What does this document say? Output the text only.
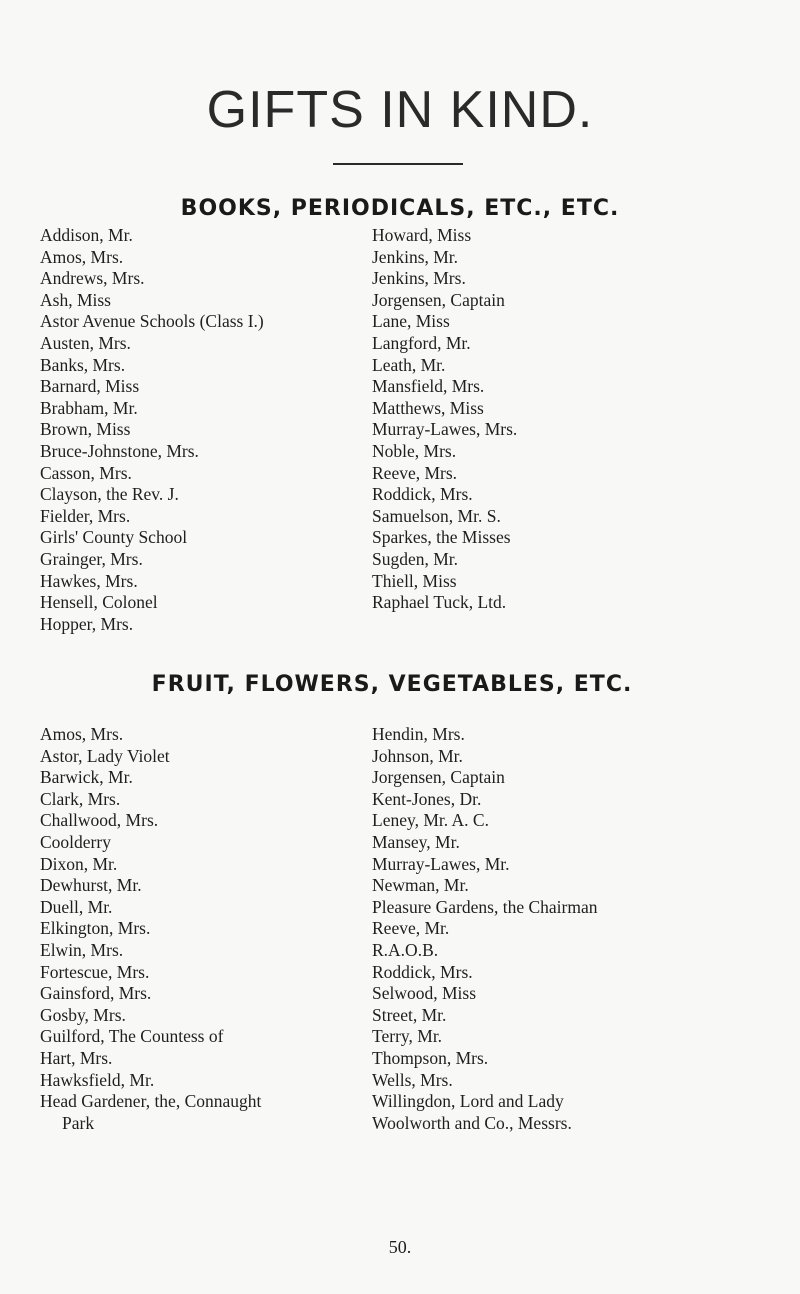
GIFTS IN KIND.
BOOKS, PERIODICALS, ETC., ETC.
Addison, Mr.
Amos, Mrs.
Andrews, Mrs.
Ash, Miss
Astor Avenue Schools (Class I.)
Austen, Mrs.
Banks, Mrs.
Barnard, Miss
Brabham, Mr.
Brown, Miss
Bruce-Johnstone, Mrs.
Casson, Mrs.
Clayson, the Rev. J.
Fielder, Mrs.
Girls' County School
Grainger, Mrs.
Hawkes, Mrs.
Hensell, Colonel
Hopper, Mrs.
Howard, Miss
Jenkins, Mr.
Jenkins, Mrs.
Jorgensen, Captain
Lane, Miss
Langford, Mr.
Leath, Mr.
Mansfield, Mrs.
Matthews, Miss
Murray-Lawes, Mrs.
Noble, Mrs.
Reeve, Mrs.
Roddick, Mrs.
Samuelson, Mr. S.
Sparkes, the Misses
Sugden, Mr.
Thiell, Miss
Raphael Tuck, Ltd.
FRUIT, FLOWERS, VEGETABLES, ETC.
Amos, Mrs.
Astor, Lady Violet
Barwick, Mr.
Clark, Mrs.
Challwood, Mrs.
Coolderry
Dixon, Mr.
Dewhurst, Mr.
Duell, Mr.
Elkington, Mrs.
Elwin, Mrs.
Fortescue, Mrs.
Gainsford, Mrs.
Gosby, Mrs.
Guilford, The Countess of
Hart, Mrs.
Hawksfield, Mr.
Head Gardener, the, Connaught
Park
Hendin, Mrs.
Johnson, Mr.
Jorgensen, Captain
Kent-Jones, Dr.
Leney, Mr. A. C.
Mansey, Mr.
Murray-Lawes, Mr.
Newman, Mr.
Pleasure Gardens, the Chairman
Reeve, Mr.
R.A.O.B.
Roddick, Mrs.
Selwood, Miss
Street, Mr.
Terry, Mr.
Thompson, Mrs.
Wells, Mrs.
Willingdon, Lord and Lady
Woolworth and Co., Messrs.
50.
